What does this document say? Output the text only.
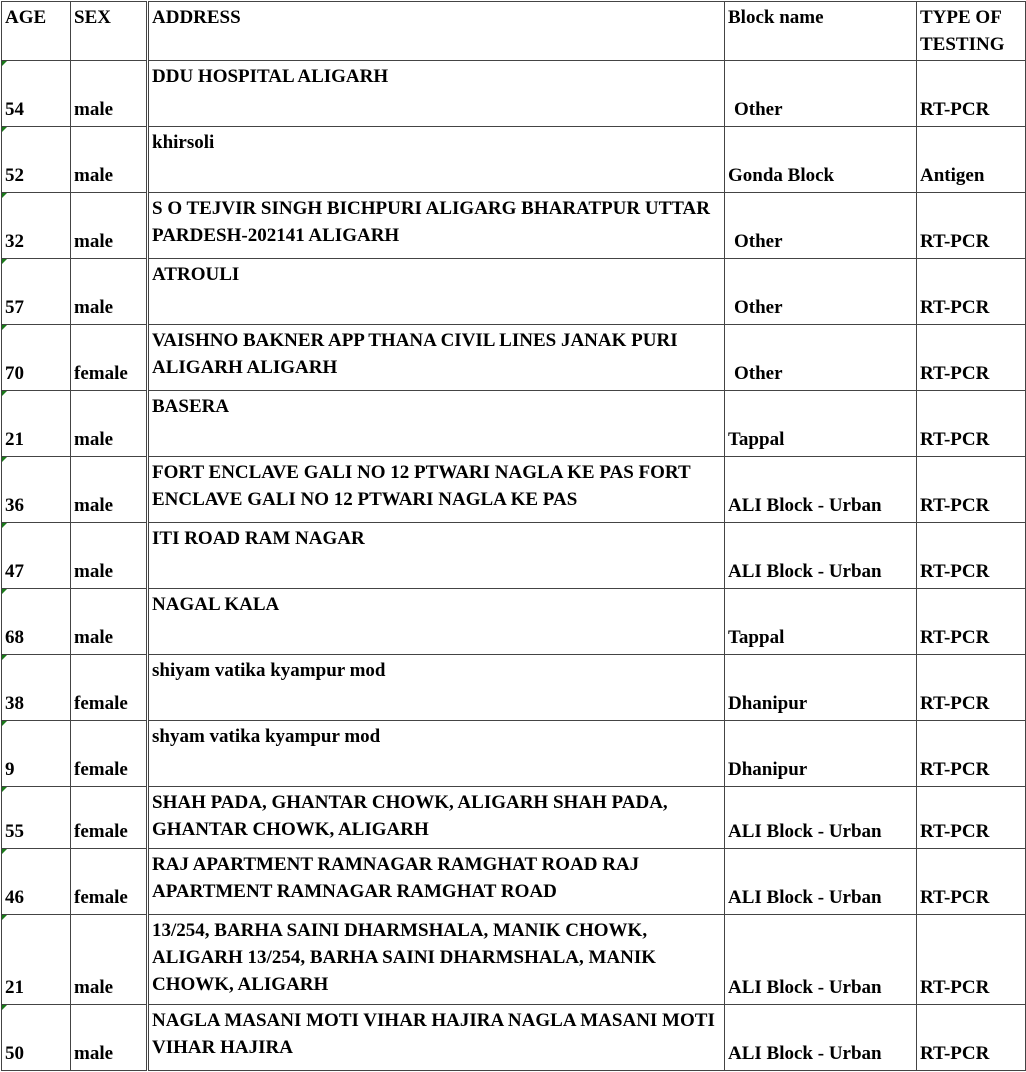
AGE	SEX	ADDRESS	Block name	TYPE OF
TESTING

54	male	DDU HOSPITAL ALIGARH	Other	RT-PCR

52	male	khirsoli	Gonda Block	Antigen

32	male	S O TEJVIR SINGH BICHPURI ALIGARG BHARATPUR UTTAR PARDESH-202141 ALIGARH	Other	RT-PCR

57	male	ATROULI	Other	RT-PCR

70	female	VAISHNO BAKNER APP THANA CIVIL LINES JANAK PURI ALIGARH ALIGARH	Other	RT-PCR

21	male	BASERA	Tappal	RT-PCR

36	male	FORT ENCLAVE GALI NO 12 PTWARI NAGLA KE PAS FORT ENCLAVE GALI NO 12 PTWARI NAGLA KE PAS	ALI Block - Urban	RT-PCR

47	male	ITI ROAD RAM NAGAR	ALI Block - Urban	RT-PCR

68	male	NAGAL KALA	Tappal	RT-PCR

38	female	shiyam vatika kyampur mod	Dhanipur	RT-PCR

9	female	shyam vatika kyampur mod	Dhanipur	RT-PCR

55	female	SHAH PADA, GHANTAR CHOWK, ALIGARH SHAH PADA, GHANTAR CHOWK, ALIGARH	ALI Block - Urban	RT-PCR

46	female	RAJ APARTMENT RAMNAGAR RAMGHAT ROAD RAJ APARTMENT RAMNAGAR RAMGHAT ROAD	ALI Block - Urban	RT-PCR

21	male	13/254, BARHA SAINI DHARMSHALA, MANIK CHOWK, ALIGARH 13/254, BARHA SAINI DHARMSHALA, MANIK CHOWK, ALIGARH	ALI Block - Urban	RT-PCR

50	male	NAGLA MASANI MOTI VIHAR HAJIRA NAGLA MASANI MOTI VIHAR HAJIRA	ALI Block - Urban	RT-PCR
